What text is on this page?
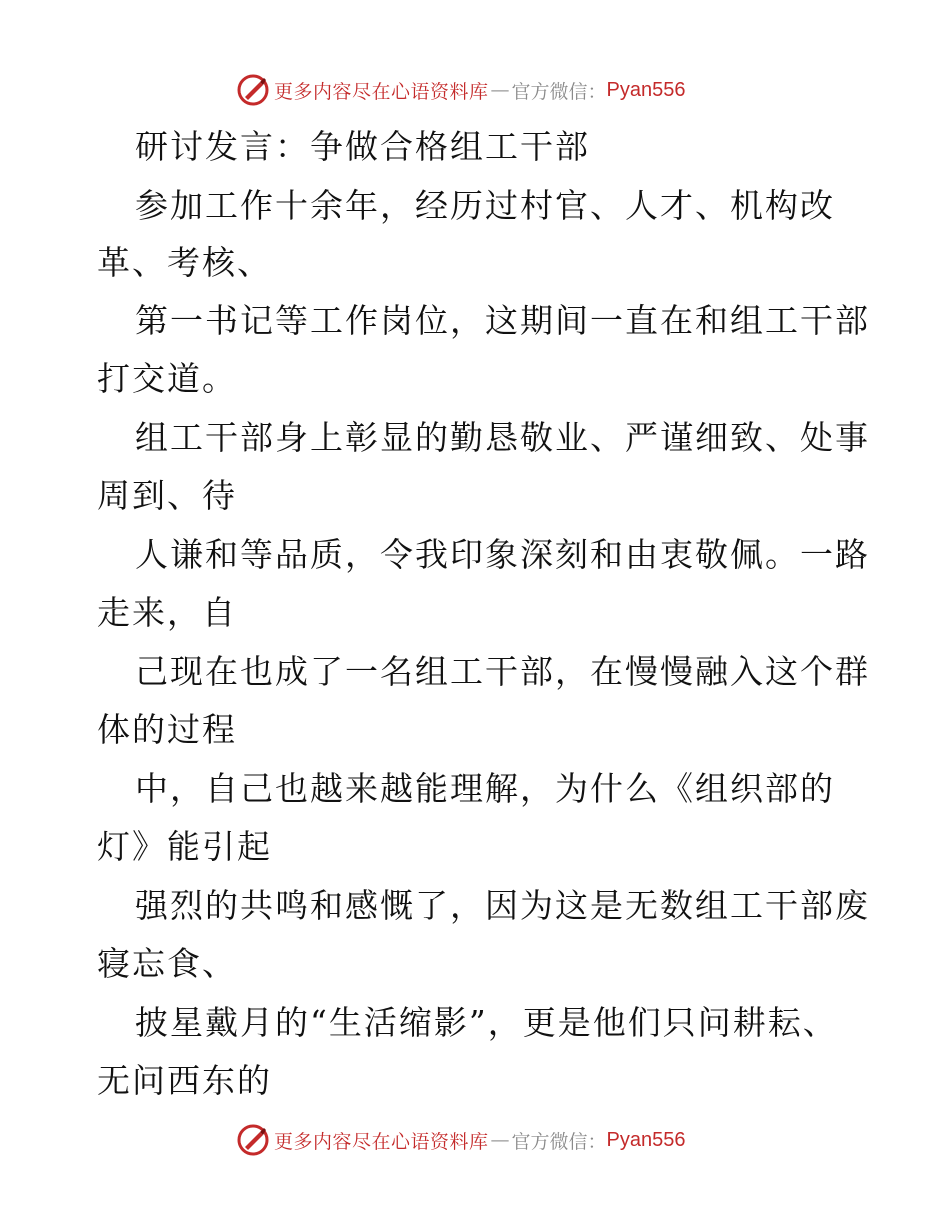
更多内容尽在心语资料库 — 官方微信： Pyan556
研讨发言：争做合格组工干部
参加工作十余年，经历过村官、人才、机构改
革、考核、
第一书记等工作岗位，这期间一直在和组工干部
打交道。
组工干部身上彰显的勤恳敬业、严谨细致、处事
周到、待
人谦和等品质，令我印象深刻和由衷敬佩。一路
走来，自
己现在也成了一名组工干部，在慢慢融入这个群
体的过程
中，自己也越来越能理解，为什么《组织部的
灯》能引起
强烈的共鸣和感慨了，因为这是无数组工干部废
寝忘食、
披星戴月的“生活缩影”，更是他们只问耕耘、
无问西东的
更多内容尽在心语资料库 — 官方微信： Pyan556
